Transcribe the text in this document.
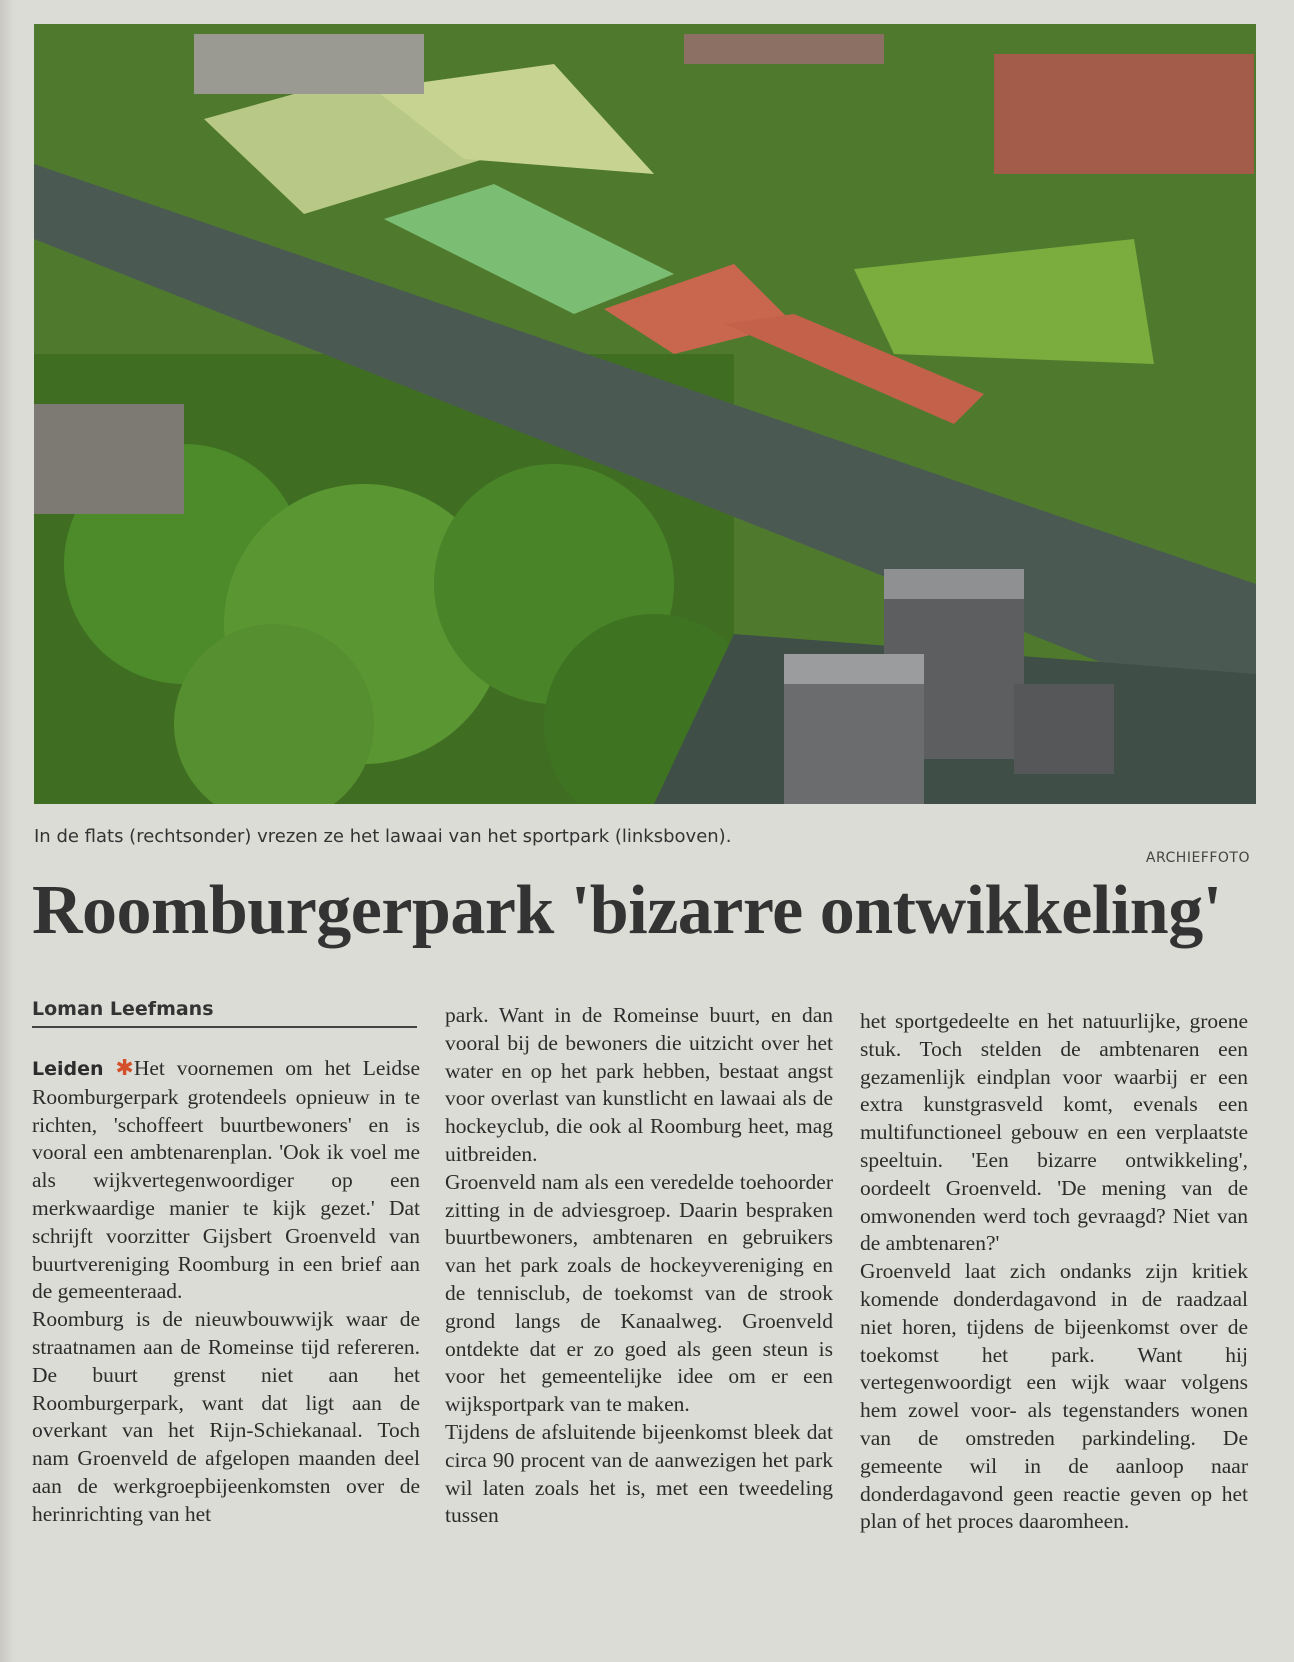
In de flats (rechtsonder) vrezen ze het lawaai van het sportpark (linksboven).
ARCHIEFFOTO
Roomburgerpark 'bizarre ontwikkeling'
Loman Leefmans

Leiden ✱Het voornemen om het Leidse Roomburgerpark grotendeels opnieuw in te richten, 'schoffeert buurtbewoners' en is vooral een ambtenarenplan. 'Ook ik voel me als wijkvertegenwoordiger op een merkwaardige manier te kijk gezet.' Dat schrijft voorzitter Gijsbert Groenveld van buurtvereniging Roomburg in een brief aan de gemeenteraad.

Roomburg is de nieuwbouwwijk waar de straatnamen aan de Romeinse tijd refereren. De buurt grenst niet aan het Roomburgerpark, want dat ligt aan de overkant van het Rijn-Schiekanaal. Toch nam Groenveld de afgelopen maanden deel aan de werkgroepbijeenkomsten over de herinrichting van het

park. Want in de Romeinse buurt, en dan vooral bij de bewoners die uitzicht over het water en op het park hebben, bestaat angst voor overlast van kunstlicht en lawaai als de hockeyclub, die ook al Roomburg heet, mag uitbreiden.

Groenveld nam als een veredelde toehoorder zitting in de adviesgroep. Daarin bespraken buurtbewoners, ambtenaren en gebruikers van het park zoals de hockeyvereniging en de tennisclub, de toekomst van de strook grond langs de Kanaalweg. Groenveld ontdekte dat er zo goed als geen steun is voor het gemeentelijke idee om er een wijksportpark van te maken.

Tijdens de afsluitende bijeenkomst bleek dat circa 90 procent van de aanwezigen het park wil laten zoals het is, met een tweedeling tussen

het sportgedeelte en het natuurlijke, groene stuk. Toch stelden de ambtenaren een gezamenlijk eindplan voor waarbij er een extra kunstgrasveld komt, evenals een multifunctioneel gebouw en een verplaatste speeltuin. 'Een bizarre ontwikkeling', oordeelt Groenveld. 'De mening van de omwonenden werd toch gevraagd? Niet van de ambtenaren?'

Groenveld laat zich ondanks zijn kritiek komende donderdagavond in de raadzaal niet horen, tijdens de bijeenkomst over de toekomst het park. Want hij vertegenwoordigt een wijk waar volgens hem zowel voor- als tegenstanders wonen van de omstreden parkindeling. De gemeente wil in de aanloop naar donderdagavond geen reactie geven op het plan of het proces daaromheen.
